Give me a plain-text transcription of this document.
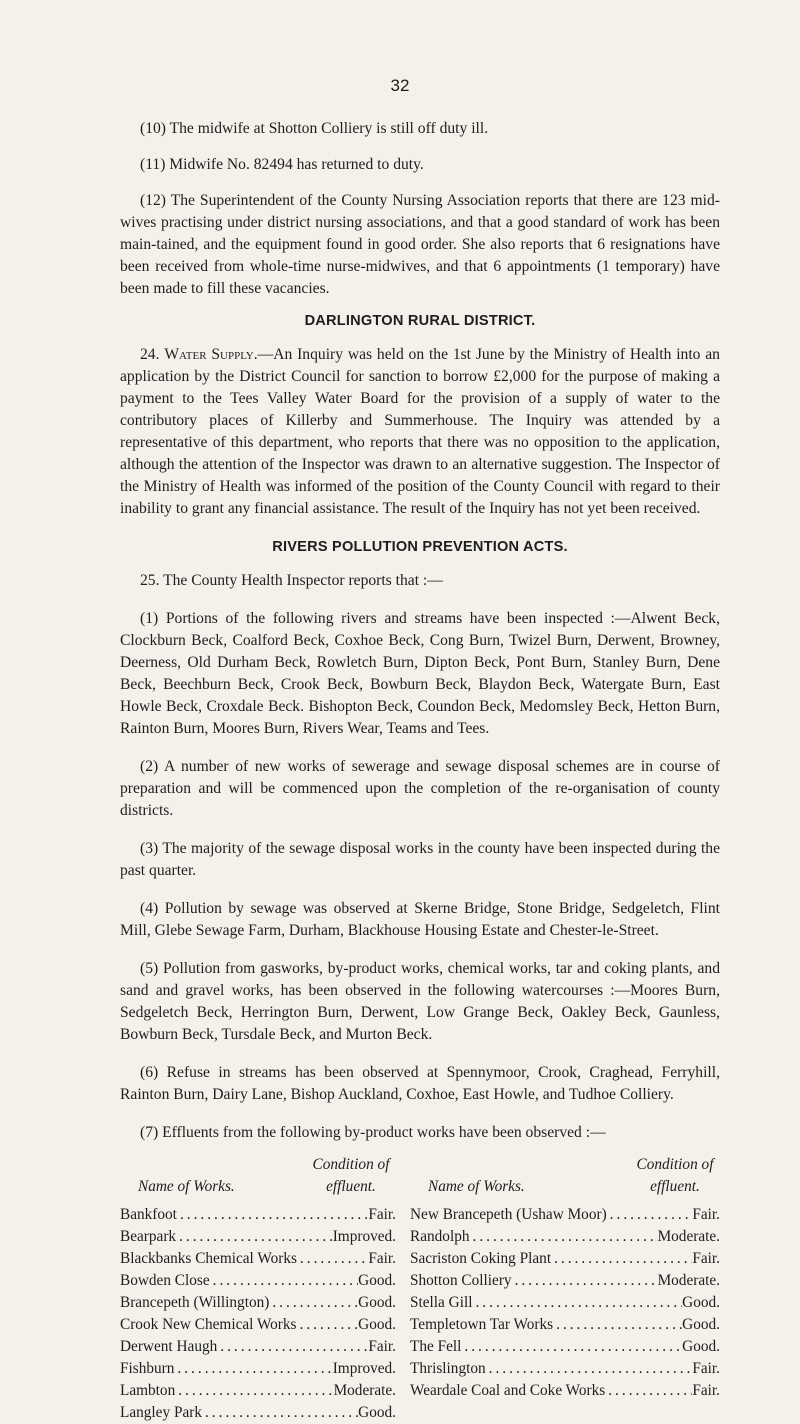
32

(10) The midwife at Shotton Colliery is still off duty ill.

(11) Midwife No. 82494 has returned to duty.

(12) The Superintendent of the County Nursing Association reports that there are 123 mid-wives practising under district nursing associations, and that a good standard of work has been main-tained, and the equipment found in good order. She also reports that 6 resignations have been received from whole-time nurse-midwives, and that 6 appointments (1 temporary) have been made to fill these vacancies.

DARLINGTON RURAL DISTRICT.

24. Water Supply.—An Inquiry was held on the 1st June by the Ministry of Health into an application by the District Council for sanction to borrow £2,000 for the purpose of making a payment to the Tees Valley Water Board for the provision of a supply of water to the contributory places of Killerby and Summerhouse. The Inquiry was attended by a representative of this department, who reports that there was no opposition to the application, although the attention of the Inspector was drawn to an alternative suggestion. The Inspector of the Ministry of Health was informed of the position of the County Council with regard to their inability to grant any financial assistance. The result of the Inquiry has not yet been received.

RIVERS POLLUTION PREVENTION ACTS.

25. The County Health Inspector reports that :—

(1) Portions of the following rivers and streams have been inspected :—Alwent Beck, Clockburn Beck, Coalford Beck, Coxhoe Beck, Cong Burn, Twizel Burn, Derwent, Browney, Deerness, Old Durham Beck, Rowletch Burn, Dipton Beck, Pont Burn, Stanley Burn, Dene Beck, Beechburn Beck, Crook Beck, Bowburn Beck, Blaydon Beck, Watergate Burn, East Howle Beck, Croxdale Beck. Bishopton Beck, Coundon Beck, Medomsley Beck, Hetton Burn, Rainton Burn, Moores Burn, Rivers Wear, Teams and Tees.

(2) A number of new works of sewerage and sewage disposal schemes are in course of preparation and will be commenced upon the completion of the re-organisation of county districts.

(3) The majority of the sewage disposal works in the county have been inspected during the past quarter.

(4) Pollution by sewage was observed at Skerne Bridge, Stone Bridge, Sedgeletch, Flint Mill, Glebe Sewage Farm, Durham, Blackhouse Housing Estate and Chester-le-Street.

(5) Pollution from gasworks, by-product works, chemical works, tar and coking plants, and sand and gravel works, has been observed in the following watercourses :—Moores Burn, Sedgeletch Beck, Herrington Burn, Derwent, Low Grange Beck, Oakley Beck, Gaunless, Bowburn Beck, Tursdale Beck, and Murton Beck.

(6) Refuse in streams has been observed at Spennymoor, Crook, Craghead, Ferryhill, Rainton Burn, Dairy Lane, Bishop Auckland, Coxhoe, East Howle, and Tudhoe Colliery.

(7) Effluents from the following by-product works have been observed :—

Name of Works.
Condition of
effluent.
Bankfoot .....	Fair.
Bearpark .....	Improved.
Blackbanks Chemical Works .....	Fair.
Bowden Close .....	Good.
Brancepeth (Willington) .....	Good.
Crook New Chemical Works .....	Good.
Derwent Haugh .....	Fair.
Fishburn .....	Improved.
Lambton .....	Moderate.
Langley Park .....	Good.
Name of Works.
Condition of
effluent.
New Brancepeth (Ushaw Moor) .....	Fair.
Randolph .....	Moderate.
Sacriston Coking Plant .....	Fair.
Shotton Colliery .....	Moderate.
Stella Gill .....	Good.
Templetown Tar Works .....	Good.
The Fell .....	Good.
Thrislington .....	Fair.
Weardale Coal and Coke Works .....	Fair.
